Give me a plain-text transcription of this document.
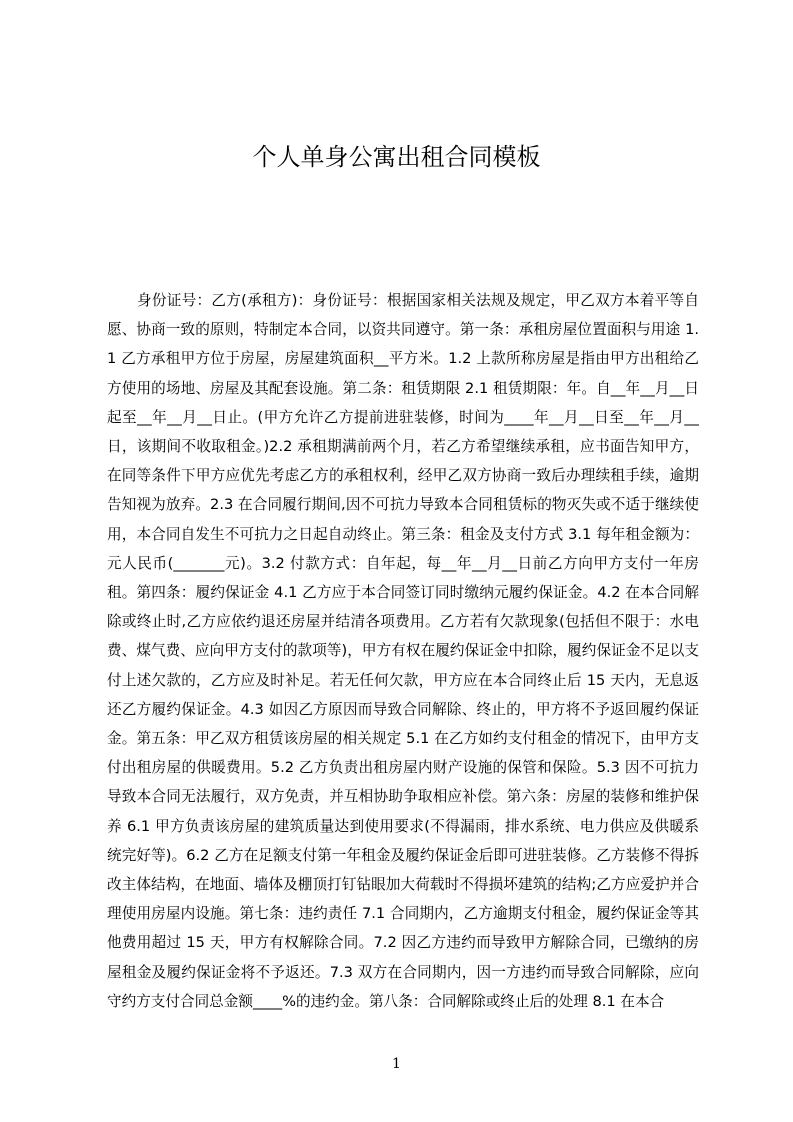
个人单身公寓出租合同模板

身份证号：乙方(承租方)：身份证号：根据国家相关法规及规定，甲乙双方本着平等自愿、协商一致的原则，特制定本合同，以资共同遵守。第一条：承租房屋位置面积与用途 1.1 乙方承租甲方位于房屋，房屋建筑面积__平方米。1.2 上款所称房屋是指由甲方出租给乙方使用的场地、房屋及其配套设施。第二条：租赁期限 2.1 租赁期限：年。自__年__月__日起至__年__月__日止。(甲方允许乙方提前进驻装修，时间为____年__月__日至__年__月__日，该期间不收取租金。)2.2 承租期满前两个月，若乙方希望继续承租，应书面告知甲方，在同等条件下甲方应优先考虑乙方的承租权利，经甲乙双方协商一致后办理续租手续，逾期告知视为放弃。2.3 在合同履行期间,因不可抗力导致本合同租赁标的物灭失或不适于继续使用，本合同自发生不可抗力之日起自动终止。第三条：租金及支付方式 3.1 每年租金额为：元人民币(_______元)。3.2 付款方式：自年起，每__年__月__日前乙方向甲方支付一年房租。第四条：履约保证金 4.1 乙方应于本合同签订同时缴纳元履约保证金。4.2 在本合同解除或终止时,乙方应依约退还房屋并结清各项费用。乙方若有欠款现象(包括但不限于：水电费、煤气费、应向甲方支付的款项等)，甲方有权在履约保证金中扣除，履约保证金不足以支付上述欠款的，乙方应及时补足。若无任何欠款，甲方应在本合同终止后 15 天内，无息返还乙方履约保证金。4.3 如因乙方原因而导致合同解除、终止的，甲方将不予返回履约保证金。第五条：甲乙双方租赁该房屋的相关规定 5.1 在乙方如约支付租金的情况下，由甲方支付出租房屋的供暖费用。5.2 乙方负责出租房屋内财产设施的保管和保险。5.3 因不可抗力导致本合同无法履行，双方免责，并互相协助争取相应补偿。第六条：房屋的装修和维护保养 6.1 甲方负责该房屋的建筑质量达到使用要求(不得漏雨，排水系统、电力供应及供暖系统完好等)。6.2 乙方在足额支付第一年租金及履约保证金后即可进驻装修。乙方装修不得拆改主体结构，在地面、墙体及棚顶打钉钻眼加大荷载时不得损坏建筑的结构;乙方应爱护并合理使用房屋内设施。第七条：违约责任 7.1 合同期内，乙方逾期支付租金，履约保证金等其他费用超过 15 天，甲方有权解除合同。7.2 因乙方违约而导致甲方解除合同，已缴纳的房屋租金及履约保证金将不予返还。7.3 双方在合同期内，因一方违约而导致合同解除，应向守约方支付合同总金额____%的违约金。第八条：合同解除或终止后的处理 8.1 在本合

1
